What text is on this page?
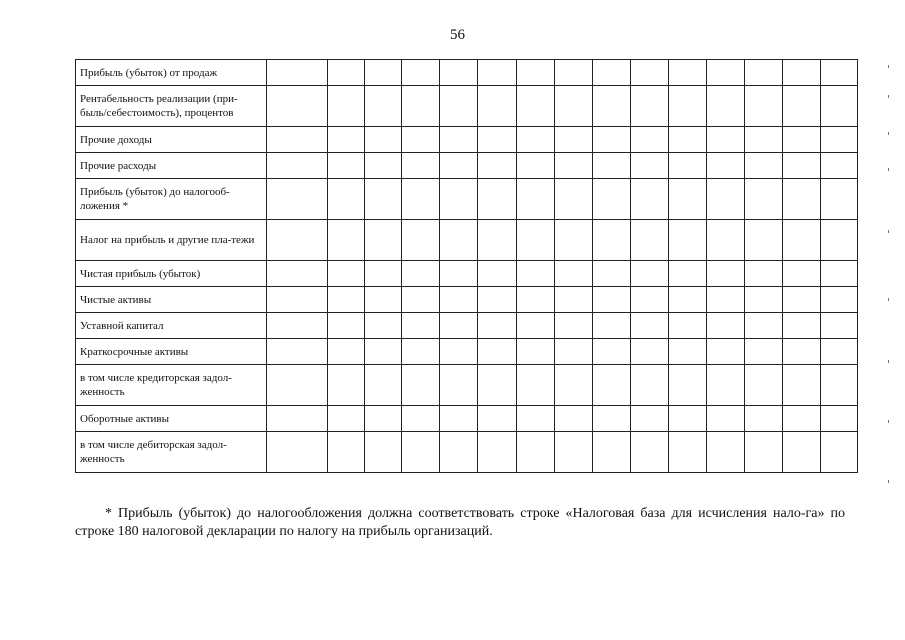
56
Прибыль (убыток) от продаж															
Рентабельность реализации (при-быль/себестоимость), процентов															
Прочие доходы															
Прочие расходы															
Прибыль (убыток) до налогооб-ложения *															
Налог на прибыль и другие пла-тежи															
Чистая прибыль (убыток)															
Чистые активы															
Уставной капитал															
Краткосрочные активы															
в том числе кредиторская задол-женность															
Оборотные активы															
в том числе дебиторская задол-женность															
* Прибыль (убыток) до налогообложения должна соответствовать строке «Налоговая база для исчисления нало-га» по строке 180 налоговой декларации по налогу на прибыль организаций.
